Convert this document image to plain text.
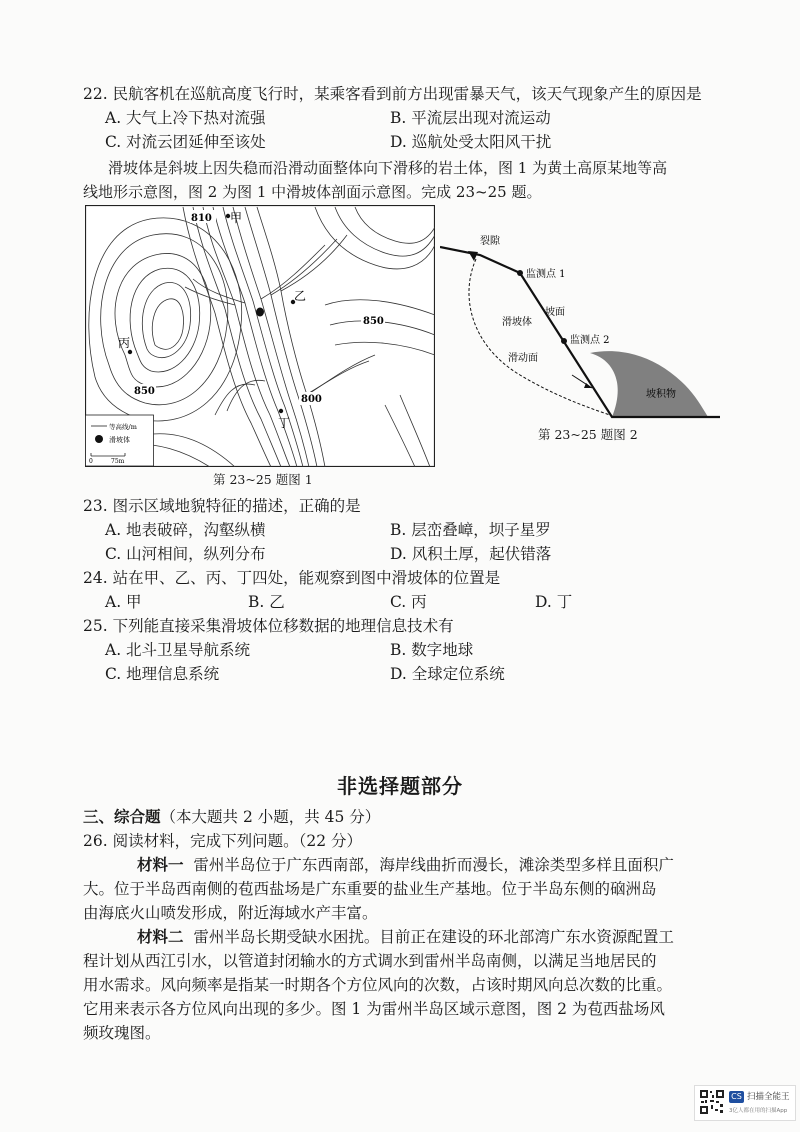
22. 民航客机在巡航高度飞行时，某乘客看到前方出现雷暴天气，该天气现象产生的原因是
A. 大气上冷下热对流强	B. 平流层出现对流运动
C. 对流云团延伸至该处	D. 巡航处受太阳风干扰
滑坡体是斜坡上因失稳而沿滑动面整体向下滑移的岩土体，图 1 为黄土高原某地等高
线地形示意图，图 2 为图 1 中滑坡体剖面示意图。完成 23~25 题。
810 甲
乙
丙
丁
850
850
800
等高线/m
滑坡体
0	75m
第 23~25 题图 1
裂隙
监测点 1
坡面
滑坡体
监测点 2
滑动面
坡积物
第 23~25 题图 2
23. 图示区域地貌特征的描述，正确的是
A. 地表破碎，沟壑纵横	B. 层峦叠嶂，坝子星罗
C. 山河相间，纵列分布	D. 风积土厚，起伏错落
24. 站在甲、乙、丙、丁四处，能观察到图中滑坡体的位置是
A. 甲	B. 乙	C. 丙	D. 丁
25. 下列能直接采集滑坡体位移数据的地理信息技术有
A. 北斗卫星导航系统	B. 数字地球
C. 地理信息系统	D. 全球定位系统
非选择题部分
三、综合题（本大题共 2 小题，共 45 分）
26. 阅读材料，完成下列问题。（22 分）
材料一 雷州半岛位于广东西南部，海岸线曲折而漫长，滩涂类型多样且面积广
大。位于半岛西南侧的苞西盐场是广东重要的盐业生产基地。位于半岛东侧的硇洲岛
由海底火山喷发形成，附近海域水产丰富。
材料二 雷州半岛长期受缺水困扰。目前正在建设的环北部湾广东水资源配置工
程计划从西江引水，以管道封闭输水的方式调水到雷州半岛南侧，以满足当地居民的
用水需求。风向频率是指某一时期各个方位风向的次数，占该时期风向总次数的比重。
它用来表示各方位风向出现的多少。图 1 为雷州半岛区域示意图，图 2 为苞西盐场风
频玫瑰图。
CS 扫描全能王
3亿人都在用的扫描App
